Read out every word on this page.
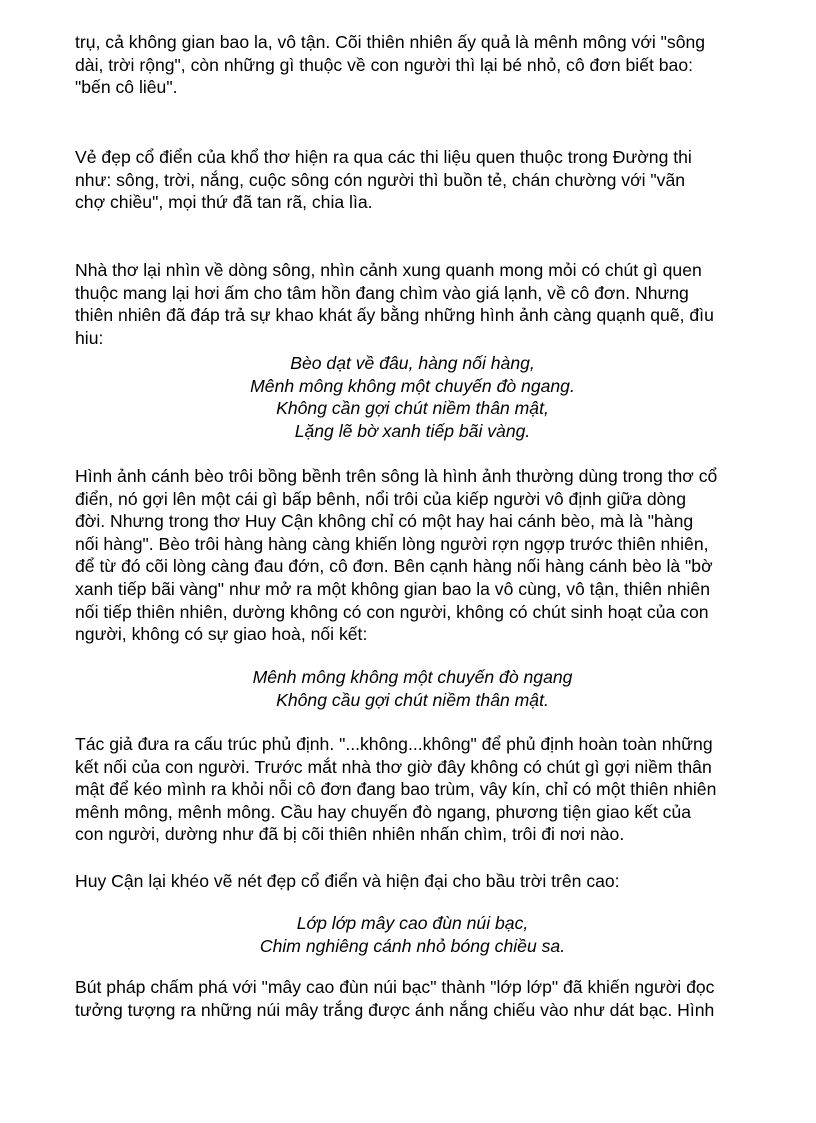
trụ, cả không gian bao la, vô tận. Cõi thiên nhiên ấy quả là mênh mông với "sông

dài, trời rộng", còn những gì thuộc về con người thì lại bé nhỏ, cô đơn biết bao:

"bến cô liêu".

Vẻ đẹp cổ điển của khổ thơ hiện ra qua các thi liệu quen thuộc trong Đường thi

như: sông, trời, nắng, cuộc sông cón người thì buồn tẻ, chán chường với "vãn

chợ chiều", mọi thứ đã tan rã, chia lìa.

Nhà thơ lại nhìn về dòng sông, nhìn cảnh xung quanh mong mỏi có chút gì quen

thuộc mang lại hơi ấm cho tâm hồn đang chìm vào giá lạnh, về cô đơn. Nhưng

thiên nhiên đã đáp trả sự khao khát ấy bằng những hình ảnh càng quạnh quẽ, đìu

hiu:

Bèo dạt về đâu, hàng nối hàng,

Mênh mông không một chuyến đò ngang.

Không cần gợi chút niềm thân mật,

Lặng lẽ bờ xanh tiếp bãi vàng.

Hình ảnh cánh bèo trôi bồng bềnh trên sông là hình ảnh thường dùng trong thơ cổ

điển, nó gợi lên một cái gì bấp bênh, nổi trôi của kiếp người vô định giữa dòng

đời. Nhưng trong thơ Huy Cận không chỉ có một hay hai cánh bèo, mà là "hàng

nối hàng". Bèo trôi hàng hàng càng khiến lòng người rợn ngợp trước thiên nhiên,

để từ đó cõi lòng càng đau đớn, cô đơn. Bên cạnh hàng nối hàng cánh bèo là "bờ

xanh tiếp bãi vàng" như mở ra một không gian bao la vô cùng, vô tận, thiên nhiên

nối tiếp thiên nhiên, dường không có con người, không có chút sinh hoạt của con

người, không có sự giao hoà, nối kết:

Mênh mông không một chuyến đò ngang

Không cầu gợi chút niềm thân mật.

Tác giả đưa ra cấu trúc phủ định. "...không...không" để phủ định hoàn toàn những

kết nối của con người. Trước mắt nhà thơ giờ đây không có chút gì gợi niềm thân

mật để kéo mình ra khỏi nỗi cô đơn đang bao trùm, vây kín, chỉ có một thiên nhiên

mênh mông, mênh mông. Cầu hay chuyến đò ngang, phương tiện giao kết của

con người, dường như đã bị cõi thiên nhiên nhấn chìm, trôi đi nơi nào.

Huy Cận lại khéo vẽ nét đẹp cổ điển và hiện đại cho bầu trời trên cao:

Lớp lớp mây cao đùn núi bạc,

Chim nghiêng cánh nhỏ bóng chiều sa.

Bút pháp chấm phá với "mây cao đùn núi bạc" thành "lớp lớp" đã khiến người đọc

tưởng tượng ra những núi mây trắng được ánh nắng chiếu vào như dát bạc. Hình
